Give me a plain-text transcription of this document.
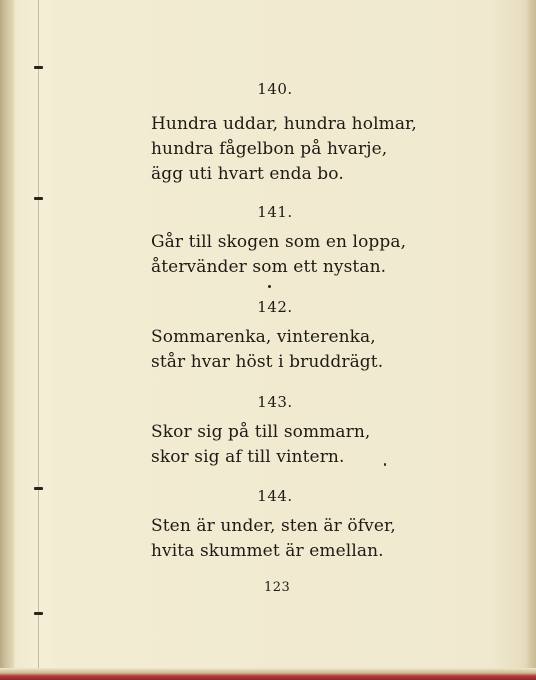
140.
Hundra uddar, hundra holmar,
hundra fågelbon på hvarje,
ägg uti hvart enda bo.
141.
Går till skogen som en loppa,
återvänder som ett nystan.
142.
Sommarenka, vinterenka,
står hvar höst i bruddrägt.
143.
Skor sig på till sommarn,
skor sig af till vintern.
144.
Sten är under, sten är öfver,
hvita skummet är emellan.
123
